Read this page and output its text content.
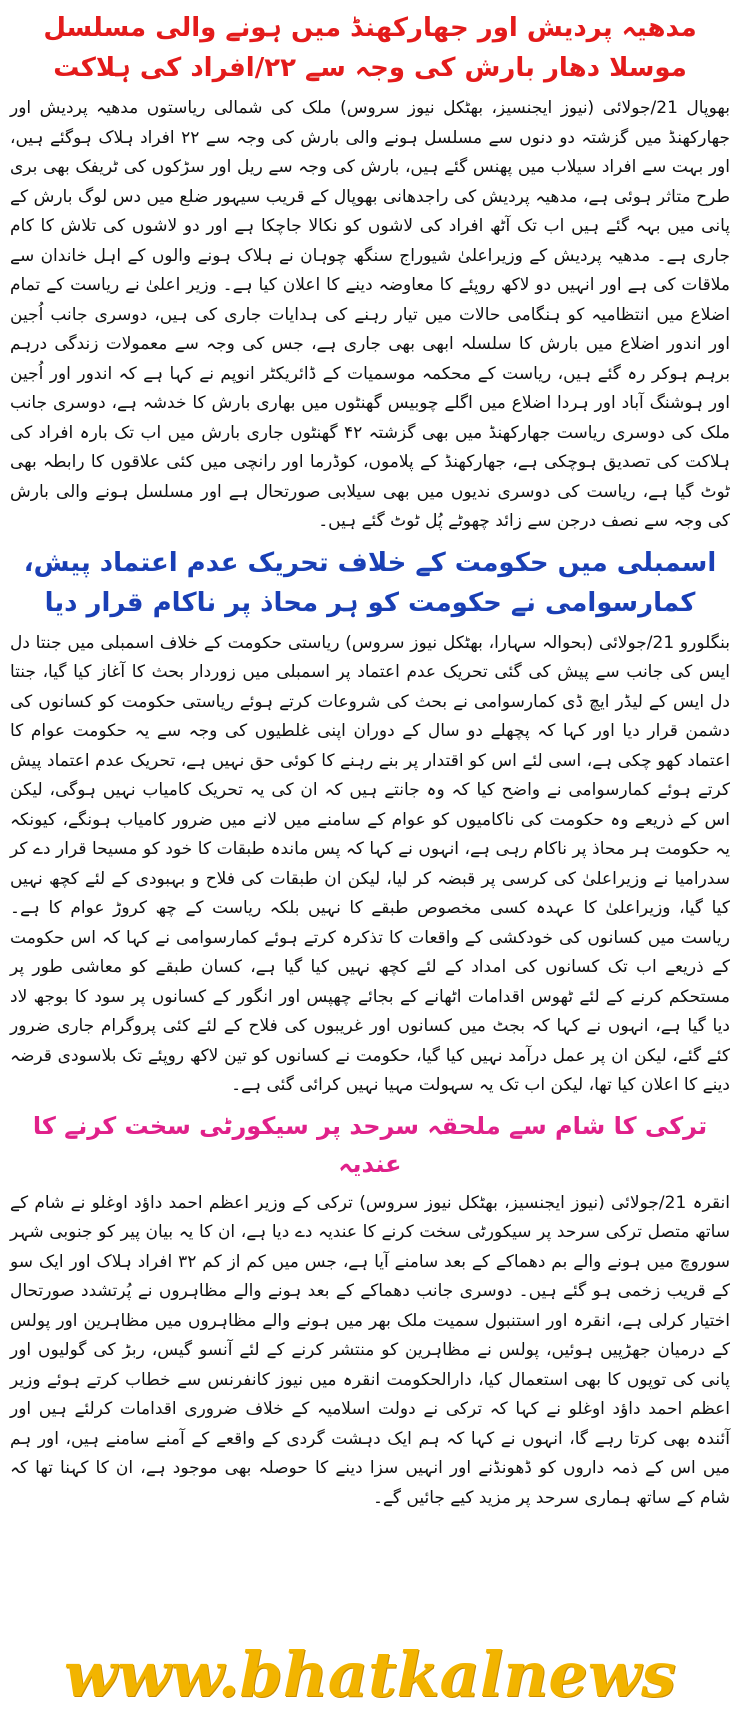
مدھیہ پردیش اور جھارکھنڈ میں ہونے والی مسلسل موسلا دھار بارش کی وجہ سے ۲۲/افراد کی ہلاکت

بھوپال 21/جولائی (نیوز ایجنسیز، بھٹکل نیوز سروس) ملک کی شمالی ریاستوں مدھیہ پردیش اور جھارکھنڈ میں گزشتہ دو دنوں سے مسلسل ہونے والی بارش کی وجہ سے ۲۲ افراد ہلاک ہوگئے ہیں، اور بہت سے افراد سیلاب میں پھنس گئے ہیں، بارش کی وجہ سے ریل اور سڑکوں کی ٹریفک بھی بری طرح متاثر ہوئی ہے، مدھیہ پردیش کی راجدھانی بھوپال کے قریب سیہور ضلع میں دس لوگ بارش کے پانی میں بہہ گئے ہیں اب تک آٹھ افراد کی لاشوں کو نکالا جاچکا ہے اور دو لاشوں کی تلاش کا کام جاری ہے۔ مدھیہ پردیش کے وزیراعلیٰ شیوراج سنگھ چوہان نے ہلاک ہونے والوں کے اہل خاندان سے ملاقات کی ہے اور انہیں دو لاکھ روپئے کا معاوضہ دینے کا اعلان کیا ہے۔ وزیر اعلیٰ نے ریاست کے تمام اضلاع میں انتظامیہ کو ہنگامی حالات میں تیار رہنے کی ہدایات جاری کی ہیں، دوسری جانب اُجین اور اندور اضلاع میں بارش کا سلسلہ ابھی بھی جاری ہے، جس کی وجہ سے معمولات زندگی درہم برہم ہوکر رہ گئے ہیں، ریاست کے محکمہ موسمیات کے ڈائریکٹر انوپم نے کہا ہے کہ اندور اور اُجین اور ہوشنگ آباد اور ہردا اضلاع میں اگلے چوبیس گھنٹوں میں بھاری بارش کا خدشہ ہے، دوسری جانب ملک کی دوسری ریاست جھارکھنڈ میں بھی گزشتہ ۴۲ گھنٹوں جاری بارش میں اب تک بارہ افراد کی ہلاکت کی تصدیق ہوچکی ہے، جھارکھنڈ کے پلاموں، کوڈرما اور رانچی میں کئی علاقوں کا رابطہ بھی ٹوٹ گیا ہے، ریاست کی دوسری ندیوں میں بھی سیلابی صورتحال ہے اور مسلسل ہونے والی بارش کی وجہ سے نصف درجن سے زائد چھوٹے پُل ٹوٹ گئے ہیں۔

اسمبلی میں حکومت کے خلاف تحریک عدم اعتماد پیش، کمارسوامی نے حکومت کو ہر محاذ پر ناکام قرار دیا

بنگلورو 21/جولائی (بحوالہ سہارا، بھٹکل نیوز سروس) ریاستی حکومت کے خلاف اسمبلی میں جنتا دل ایس کی جانب سے پیش کی گئی تحریک عدم اعتماد پر اسمبلی میں زوردار بحث کا آغاز کیا گیا، جنتا دل ایس کے لیڈر ایچ ڈی کمارسوامی نے بحث کی شروعات کرتے ہوئے ریاستی حکومت کو کسانوں کی دشمن قرار دیا اور کہا کہ پچھلے دو سال کے دوران اپنی غلطیوں کی وجہ سے یہ حکومت عوام کا اعتماد کھو چکی ہے، اسی لئے اس کو اقتدار پر بنے رہنے کا کوئی حق نہیں ہے، تحریک عدم اعتماد پیش کرتے ہوئے کمارسوامی نے واضح کیا کہ وہ جانتے ہیں کہ ان کی یہ تحریک کامیاب نہیں ہوگی، لیکن اس کے ذریعے وہ حکومت کی ناکامیوں کو عوام کے سامنے میں لانے میں ضرور کامیاب ہونگے، کیونکہ یہ حکومت ہر محاذ پر ناکام رہی ہے، انہوں نے کہا کہ پس ماندہ طبقات کا خود کو مسیحا قرار دے کر سدرامیا نے وزیراعلیٰ کی کرسی پر قبضہ کر لیا، لیکن ان طبقات کی فلاح و بہبودی کے لئے کچھ نہیں کیا گیا، وزیراعلیٰ کا عہدہ کسی مخصوص طبقے کا نہیں بلکہ ریاست کے چھ کروڑ عوام کا ہے۔ ریاست میں کسانوں کی خودکشی کے واقعات کا تذکرہ کرتے ہوئے کمارسوامی نے کہا کہ اس حکومت کے ذریعے اب تک کسانوں کی امداد کے لئے کچھ نہیں کیا گیا ہے، کسان طبقے کو معاشی طور پر مستحکم کرنے کے لئے ٹھوس اقدامات اٹھانے کے بجائے چھپس اور انگور کے کسانوں پر سود کا بوجھ لاد دیا گیا ہے، انہوں نے کہا کہ بجٹ میں کسانوں اور غریبوں کی فلاح کے لئے کئی پروگرام جاری ضرور کئے گئے، لیکن ان پر عمل درآمد نہیں کیا گیا، حکومت نے کسانوں کو تین لاکھ روپئے تک بلاسودی قرضہ دینے کا اعلان کیا تھا، لیکن اب تک یہ سہولت مہیا نہیں کرائی گئی ہے۔

ترکی کا شام سے ملحقہ سرحد پر سیکورٹی سخت کرنے کا عندیہ

انقرہ 21/جولائی (نیوز ایجنسیز، بھٹکل نیوز سروس) ترکی کے وزیر اعظم احمد داؤد اوغلو نے شام کے ساتھ متصل ترکی سرحد پر سیکورٹی سخت کرنے کا عندیہ دے دیا ہے، ان کا یہ بیان پیر کو جنوبی شہر سوروچ میں ہونے والے بم دھماکے کے بعد سامنے آیا ہے، جس میں کم از کم ۳۲ افراد ہلاک اور ایک سو کے قریب زخمی ہو گئے ہیں۔ دوسری جانب دھماکے کے بعد ہونے والے مظاہروں نے پُرتشدد صورتحال اختیار کرلی ہے، انقرہ اور استنبول سمیت ملک بھر میں ہونے والے مظاہروں میں مظاہرین اور پولس کے درمیان جھڑپیں ہوئیں، پولس نے مظاہرین کو منتشر کرنے کے لئے آنسو گیس، ربڑ کی گولیوں اور پانی کی توپوں کا بھی استعمال کیا، دارالحکومت انقرہ میں نیوز کانفرنس سے خطاب کرتے ہوئے وزیر اعظم احمد داؤد اوغلو نے کہا کہ ترکی نے دولت اسلامیہ کے خلاف ضروری اقدامات کرلئے ہیں اور آئندہ بھی کرتا رہے گا، انہوں نے کہا کہ ہم ایک دہشت گردی کے واقعے کے آمنے سامنے ہیں، اور ہم میں اس کے ذمہ داروں کو ڈھونڈنے اور انہیں سزا دینے کا حوصلہ بھی موجود ہے، ان کا کہنا تھا کہ شام کے ساتھ ہماری سرحد پر مزید کیے جائیں گے۔

www.bhatkalnews
